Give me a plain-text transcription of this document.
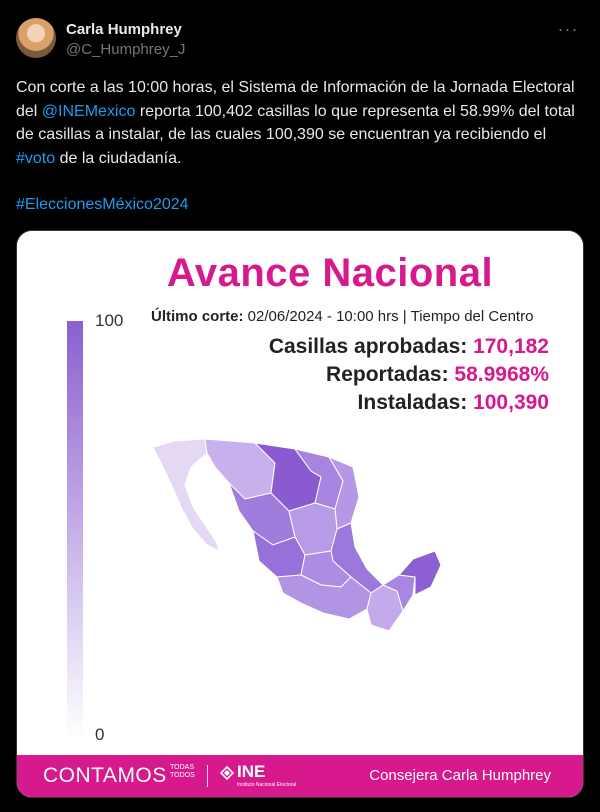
Carla Humphrey
@C_Humphrey_J
···
Con corte a las 10:00 horas, el Sistema de Información de la Jornada Electoral del @INEMexico reporta 100,402 casillas lo que representa el 58.99% del total de casillas a instalar, de las cuales 100,390 se encuentran ya recibiendo el #voto de la ciudadanía.
#EleccionesMéxico2024
Avance Nacional
Último corte: 02/06/2024 - 10:00 hrs | Tiempo del Centro
Casillas aprobadas: 170,182
Reportadas: 58.9968%
Instaladas: 100,390
100
0
CONTAMOS TODAS TODOS	INE
Instituto Nacional Electoral
Consejera Carla Humphrey
